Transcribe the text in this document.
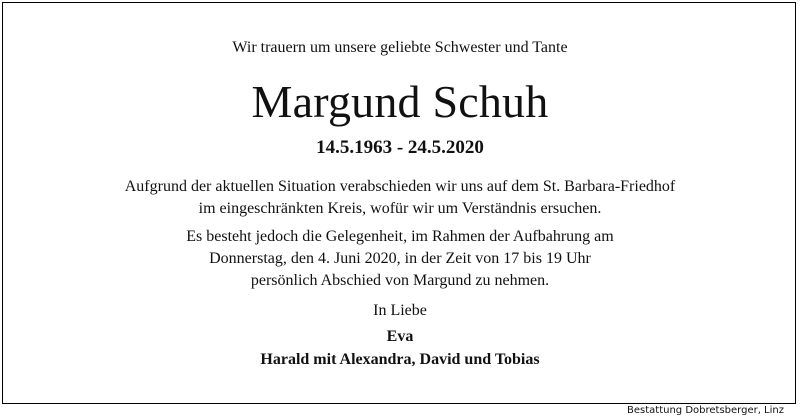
Wir trauern um unsere geliebte Schwester und Tante
Margund Schuh
14.5.1963 - 24.5.2020
Aufgrund der aktuellen Situation verabschieden wir uns auf dem St. Barbara-Friedhof
im eingeschränkten Kreis, wofür wir um Verständnis ersuchen.
Es besteht jedoch die Gelegenheit, im Rahmen der Aufbahrung am
Donnerstag, den 4. Juni 2020, in der Zeit von 17 bis 19 Uhr
persönlich Abschied von Margund zu nehmen.
In Liebe
Eva
Harald mit Alexandra, David und Tobias
Bestattung Dobretsberger, Linz
